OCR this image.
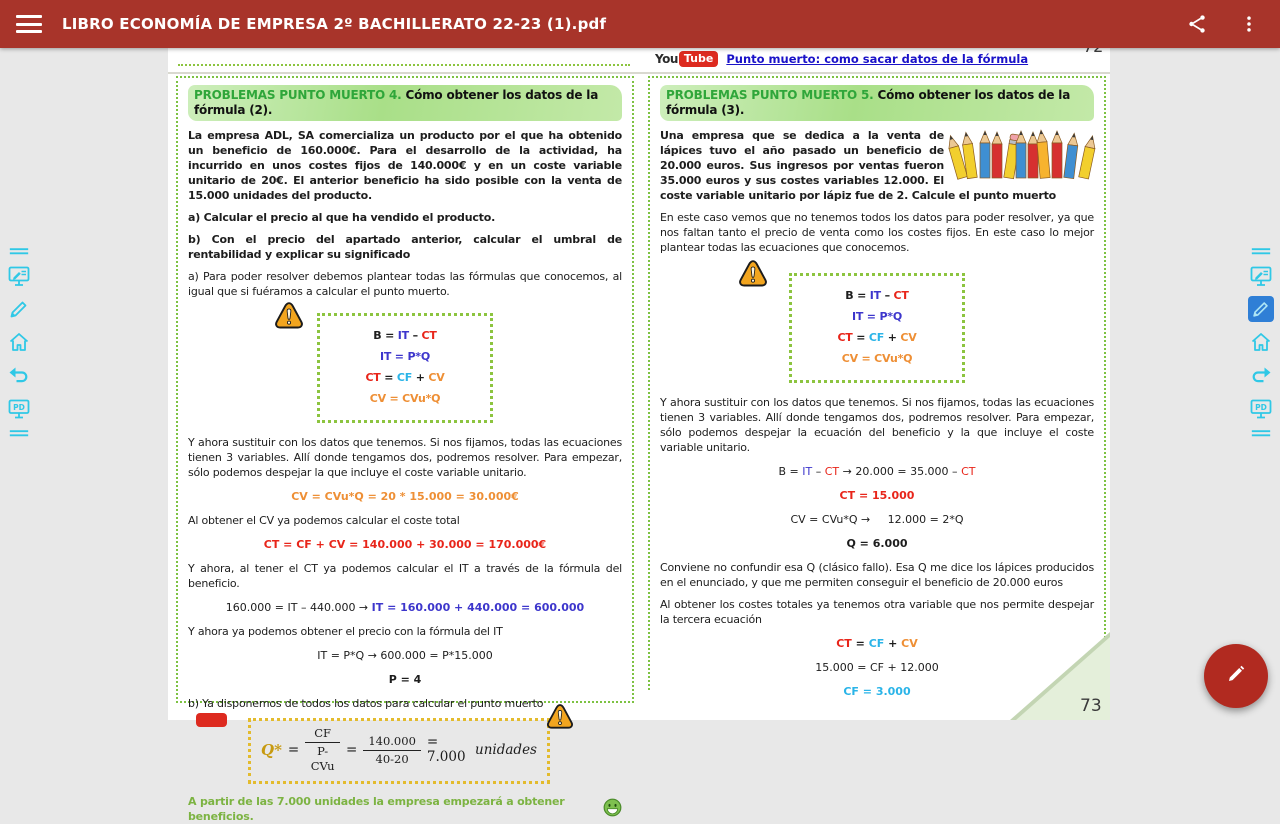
LIBRO ECONOMÍA DE EMPRESA 2º BACHILLERATO 22-23 (1).pdf
You Tube	Punto muerto: como sacar datos de la fórmula
PROBLEMAS PUNTO MUERTO 4. Cómo obtener los datos de la fórmula (2).

La empresa ADL, SA comercializa un producto por el que ha obtenido un beneficio de 160.000€. Para el desarrollo de la actividad, ha incurrido en unos costes fijos de 140.000€ y en un coste variable unitario de 20€. El anterior beneficio ha sido posible con la venta de 15.000 unidades del producto.

a) Calcular el precio al que ha vendido el producto.

b) Con el precio del apartado anterior, calcular el umbral de rentabilidad y explicar su significado

a) Para poder resolver debemos plantear todas las fórmulas que conocemos, al igual que si fuéramos a calcular el punto muerto.

B = IT – CT
IT = P*Q
CT = CF + CV
CV = CVu*Q

Y ahora sustituir con los datos que tenemos. Si nos fijamos, todas las ecuaciones tienen 3 variables. Allí donde tengamos dos, podremos resolver. Para empezar, sólo podemos despejar la que incluye el coste variable unitario.

CV = CVu*Q = 20 * 15.000 = 30.000€

Al obtener el CV ya podemos calcular el coste total

CT = CF + CV = 140.000 + 30.000 = 170.000€

Y ahora, al tener el CT ya podemos calcular el IT a través de la fórmula del beneficio.

160.000 = IT – 440.000 → IT = 160.000 + 440.000 = 600.000

Y ahora ya podemos obtener el precio con la fórmula del IT

IT = P*Q → 600.000 = P*15.000
P = 4

b) Ya disponemos de todos los datos para calcular el punto muerto

$Q* = \frac{CF}{\text{P-CVu}} = \frac{140.000}{40-20} = 7.000$ unidades
A partir de las 7.000 unidades la empresa empezará a obtener beneficios.
PROBLEMAS PUNTO MUERTO 5. Cómo obtener los datos de la fórmula (3).

Una empresa que se dedica a la venta de lápices tuvo el año pasado un beneficio de 20.000 euros. Sus ingresos por ventas fueron 35.000 euros y sus costes variables 12.000. El coste variable unitario por lápiz fue de 2. Calcule el punto muerto

En este caso vemos que no tenemos todos los datos para poder resolver, ya que nos faltan tanto el precio de venta como los costes fijos. En este caso lo mejor plantear todas las ecuaciones que conocemos.

B = IT – CT
IT = P*Q
CT = CF + CV
CV = CVu*Q

Y ahora sustituir con los datos que tenemos. Si nos fijamos, todas las ecuaciones tienen 3 variables. Allí donde tengamos dos, podremos resolver. Para empezar, sólo podemos despejar la ecuación del beneficio y la que incluye el coste variable unitario.

B = IT – CT → 20.000 = 35.000 – CT
CT = 15.000
CV = CVu*Q →     12.000 = 2*Q
Q = 6.000

Conviene no confundir esa Q (clásico fallo). Esa Q me dice los lápices producidos en el enunciado, y que me permiten conseguir el beneficio de 20.000 euros

Al obtener los costes totales ya tenemos otra variable que nos permite despejar la tercera ecuación

CT = CF + CV
15.000 = CF + 12.000
CF = 3.000
73
PD	PD
